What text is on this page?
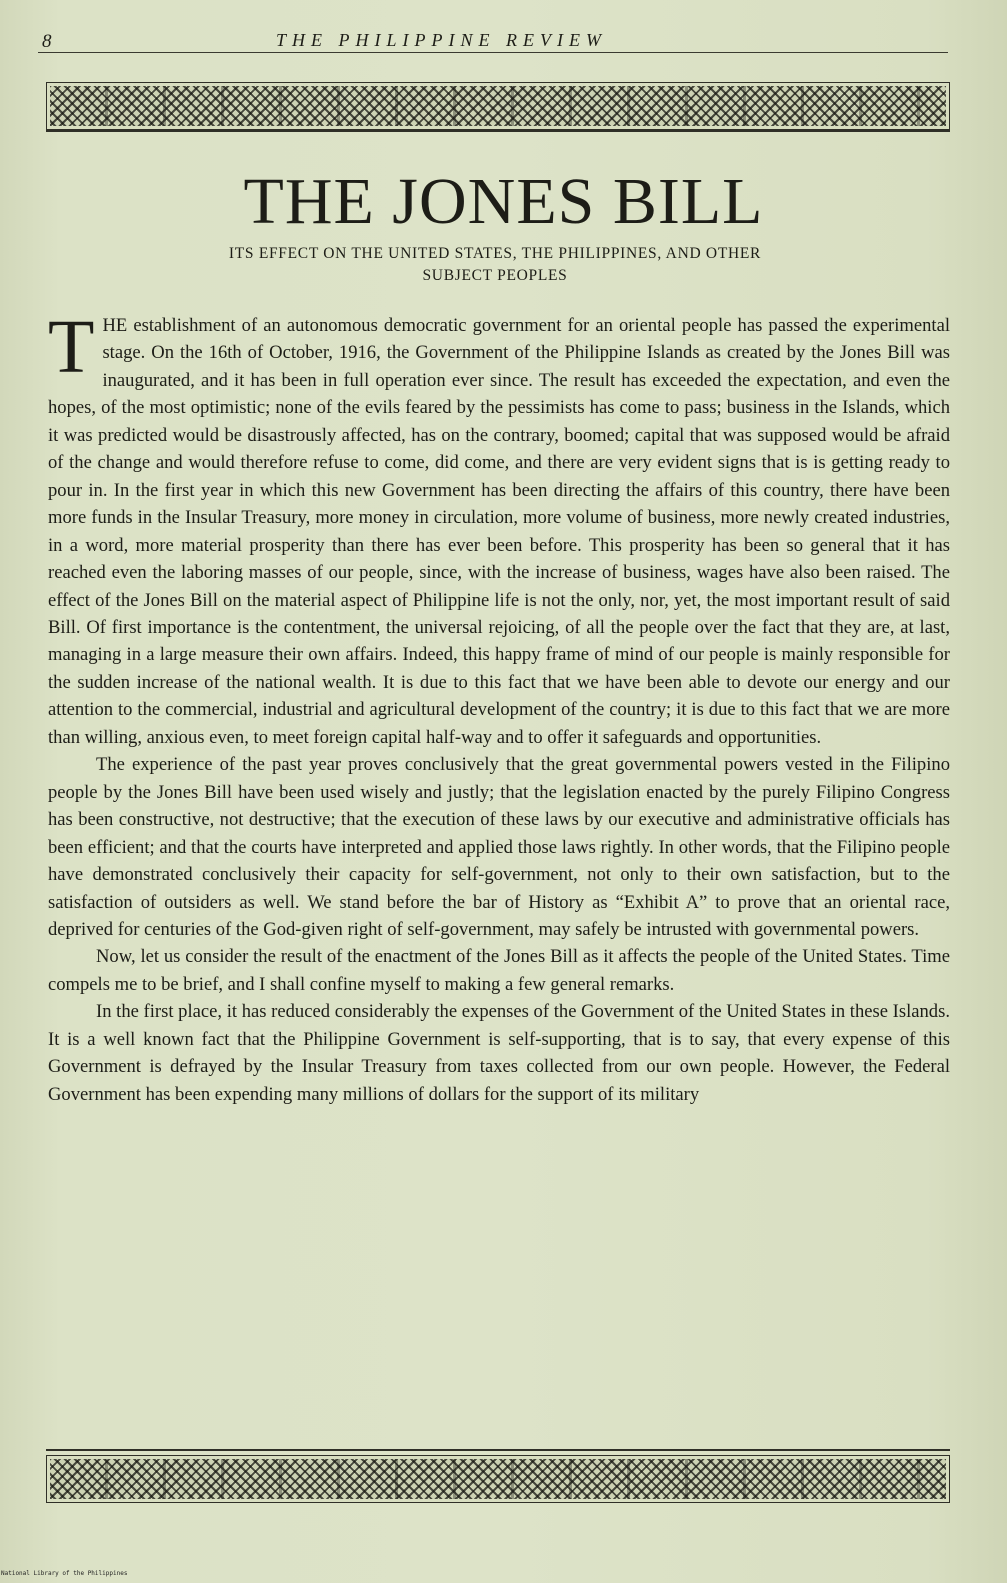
8	THE PHILIPPINE REVIEW
THE JONES BILL
ITS EFFECT ON THE UNITED STATES, THE PHILIPPINES, AND OTHER
SUBJECT PEOPLES

THE establishment of an autonomous democratic government for an oriental people has passed the experimental stage. On the 16th of October, 1916, the Government of the Philippine Islands as created by the Jones Bill was inaugurated, and it has been in full operation ever since. The result has exceeded the expectation, and even the hopes, of the most optimistic; none of the evils feared by the pessimists has come to pass; business in the Islands, which it was predicted would be disastrously affected, has on the contrary, boomed; capital that was supposed would be afraid of the change and would therefore refuse to come, did come, and there are very evident signs that is is getting ready to pour in. In the first year in which this new Government has been directing the affairs of this country, there have been more funds in the Insular Treasury, more money in circulation, more volume of business, more newly created industries, in a word, more material prosperity than there has ever been before. This prosperity has been so general that it has reached even the laboring masses of our people, since, with the increase of business, wages have also been raised. The effect of the Jones Bill on the material aspect of Philippine life is not the only, nor, yet, the most important result of said Bill. Of first importance is the contentment, the universal rejoicing, of all the people over the fact that they are, at last, managing in a large measure their own affairs. Indeed, this happy frame of mind of our people is mainly responsible for the sudden increase of the national wealth. It is due to this fact that we have been able to devote our energy and our attention to the commercial, industrial and agricultural development of the country; it is due to this fact that we are more than willing, anxious even, to meet foreign capital half-way and to offer it safeguards and opportunities.

The experience of the past year proves conclusively that the great governmental powers vested in the Filipino people by the Jones Bill have been used wisely and justly; that the legislation enacted by the purely Filipino Congress has been constructive, not destructive; that the execution of these laws by our executive and administrative officials has been efficient; and that the courts have interpreted and applied those laws rightly. In other words, that the Filipino people have demonstrated conclusively their capacity for self-government, not only to their own satisfaction, but to the satisfaction of outsiders as well. We stand before the bar of History as “Exhibit A” to prove that an oriental race, deprived for centuries of the God-given right of self-government, may safely be intrusted with governmental powers.

Now, let us consider the result of the enactment of the Jones Bill as it affects the people of the United States. Time compels me to be brief, and I shall confine myself to making a few general remarks.

In the first place, it has reduced considerably the expenses of the Government of the United States in these Islands. It is a well known fact that the Philippine Government is self-supporting, that is to say, that every expense of this Government is defrayed by the Insular Treasury from taxes collected from our own people. However, the Federal Government has been expending many millions of dollars for the support of its military

National Library of the Philippines
